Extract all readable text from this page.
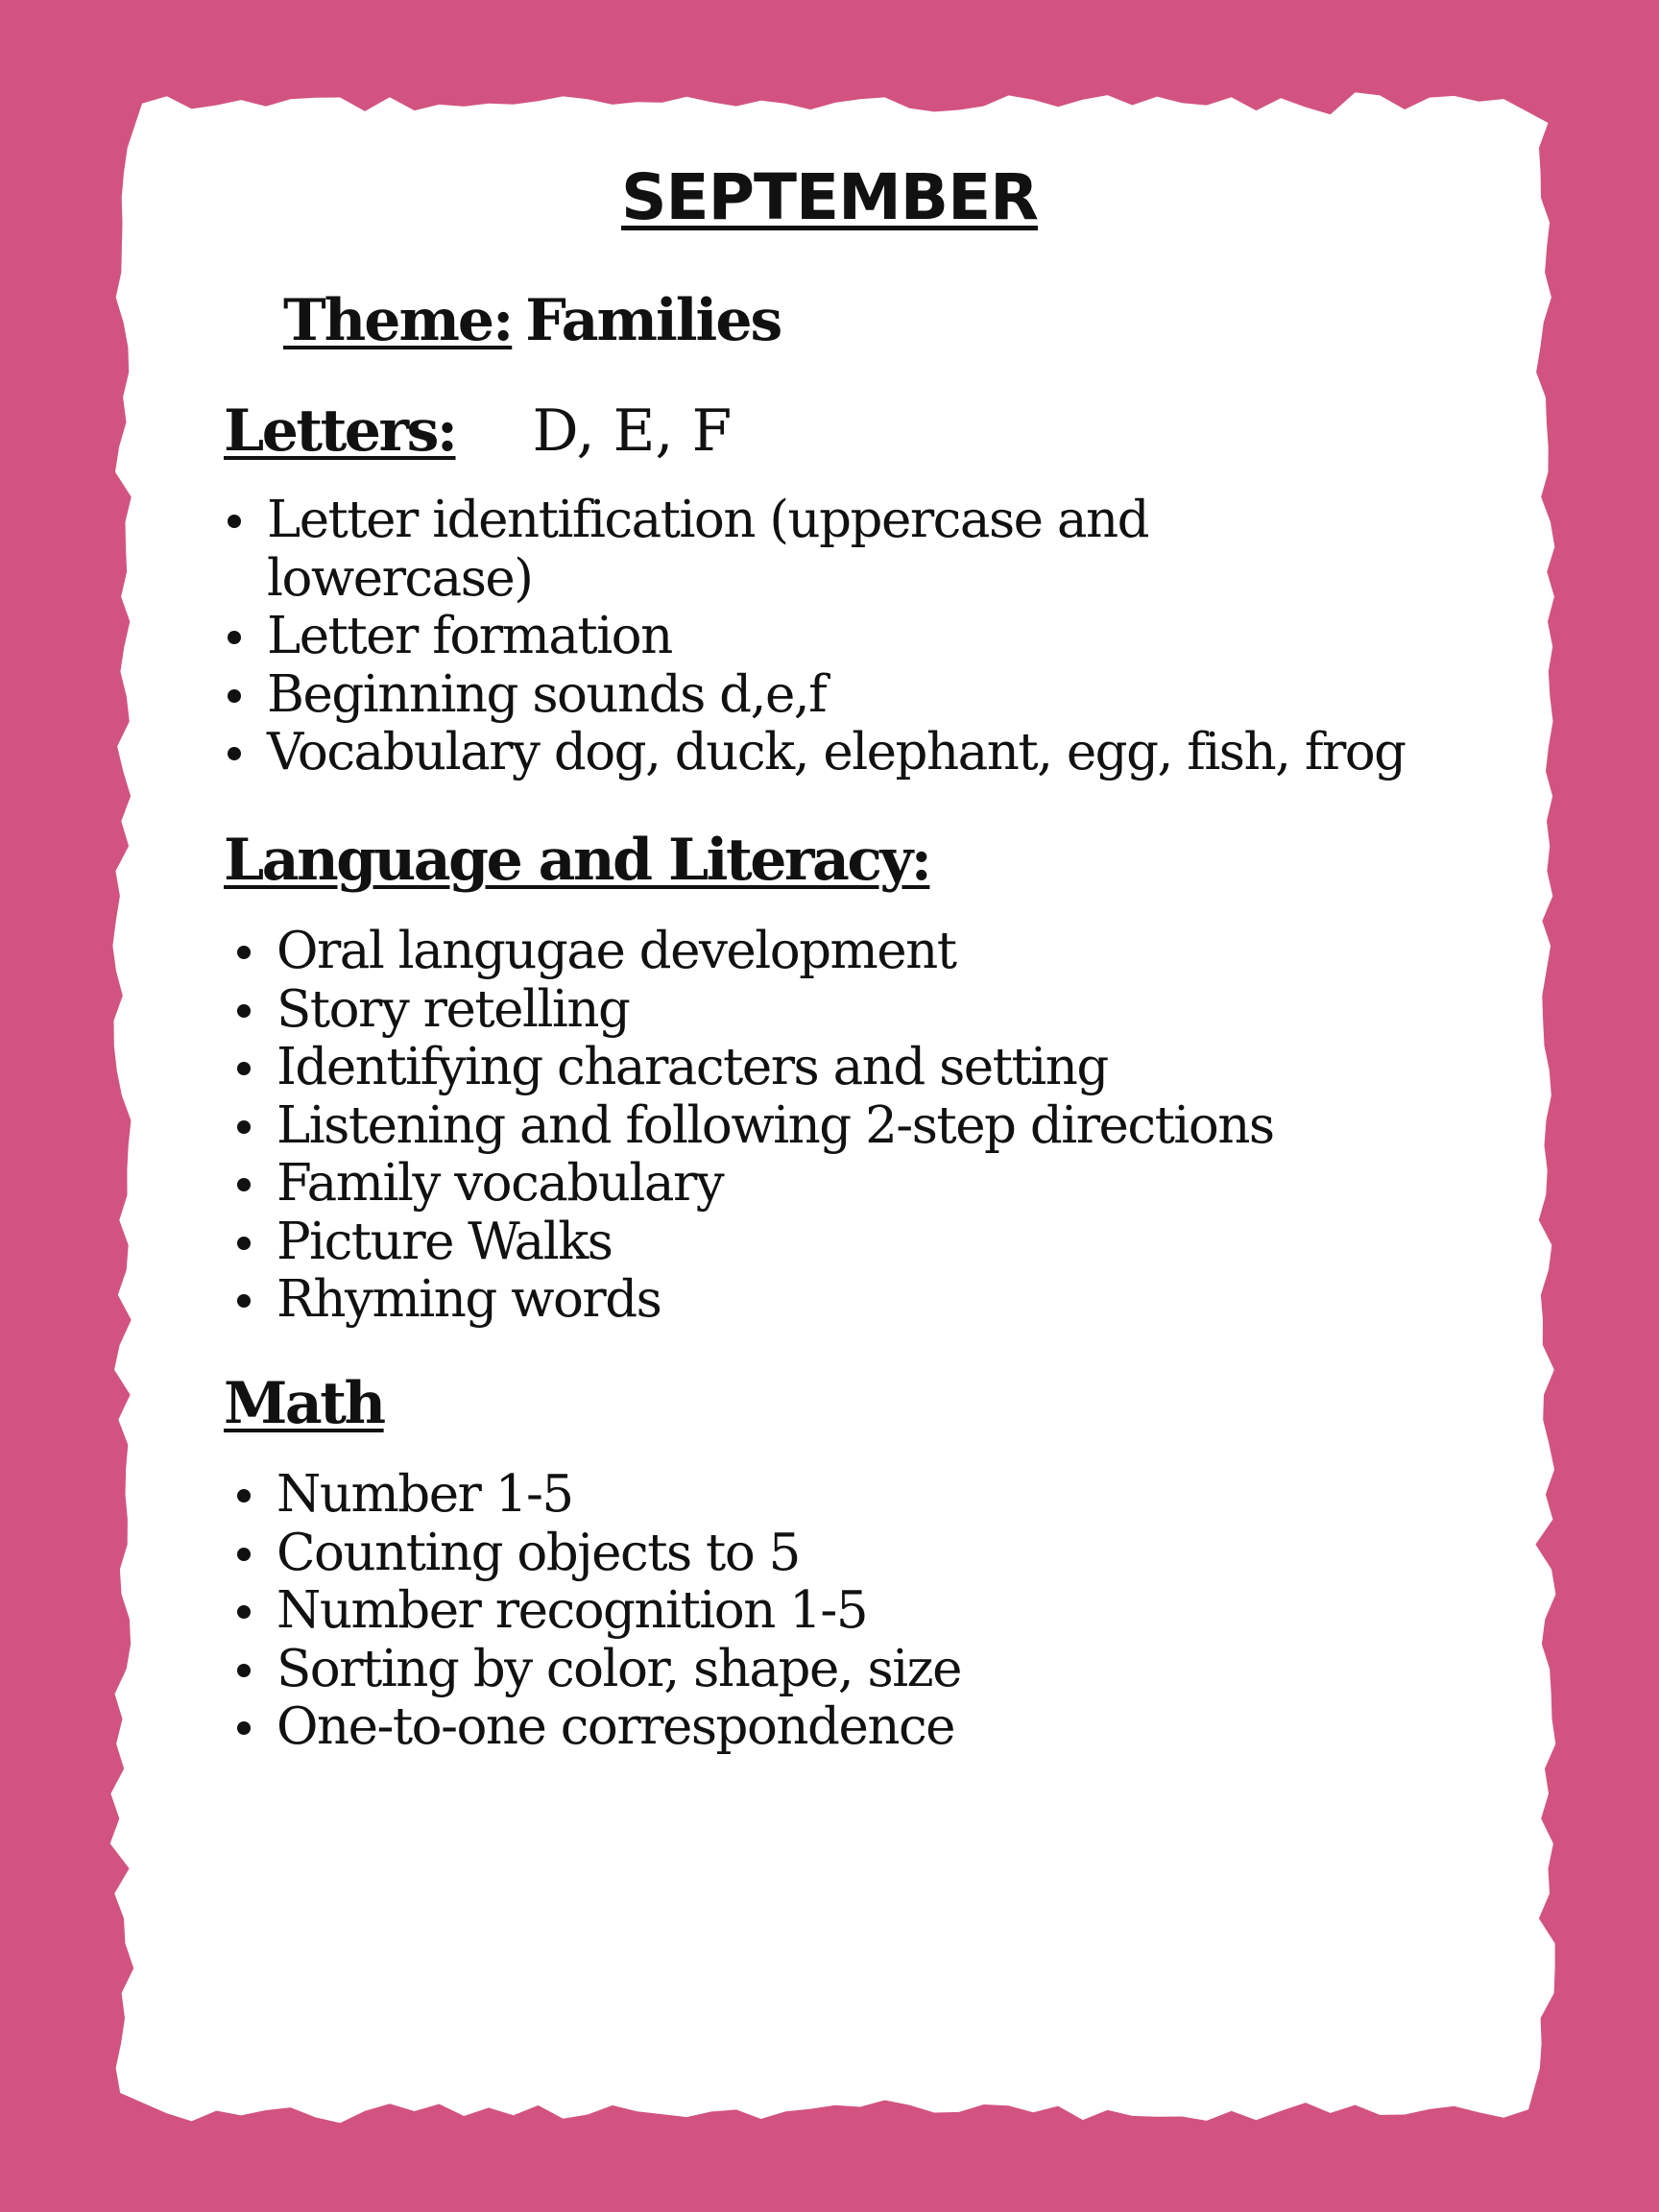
SEPTEMBER
Theme: Families
Letters: D, E, F
Letter identification (uppercase and lowercase)
Letter formation
Beginning sounds d,e,f
Vocabulary dog, duck, elephant, egg, fish, frog
Language and Literacy:
Oral langugae development
Story retelling
Identifying characters and setting
Listening and following 2-step directions
Family vocabulary
Picture Walks
Rhyming words
Math
Number 1-5
Counting objects to 5
Number recognition 1-5
Sorting by color, shape, size
One-to-one correspondence
